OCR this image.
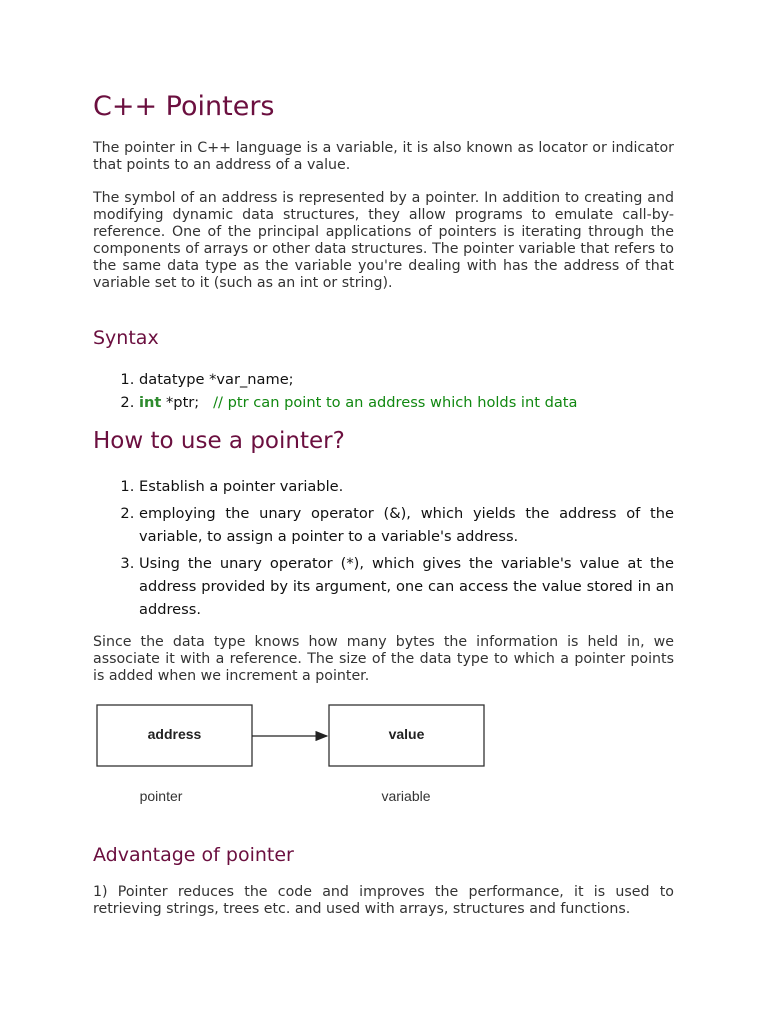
C++ Pointers

The pointer in C++ language is a variable, it is also known as locator or indicator that points to an address of a value.

The symbol of an address is represented by a pointer. In addition to creating and modifying dynamic data structures, they allow programs to emulate call-by-reference. One of the principal applications of pointers is iterating through the components of arrays or other data structures. The pointer variable that refers to the same data type as the variable you're dealing with has the address of that variable set to it (such as an int or string).

Syntax
1. datatype *var_name;
2. int *ptr; // ptr can point to an address which holds int data
How to use a pointer?
1. Establish a pointer variable.
2. employing the unary operator (&), which yields the address of the variable, to assign a pointer to a variable's address.
3. Using the unary operator (*), which gives the variable's value at the address provided by its argument, one can access the value stored in an address.

Since the data type knows how many bytes the information is held in, we associate it with a reference. The size of the data type to which a pointer points is added when we increment a pointer.

address	value
pointer	variable
Advantage of pointer

1) Pointer reduces the code and improves the performance, it is used to retrieving strings, trees etc. and used with arrays, structures and functions.
